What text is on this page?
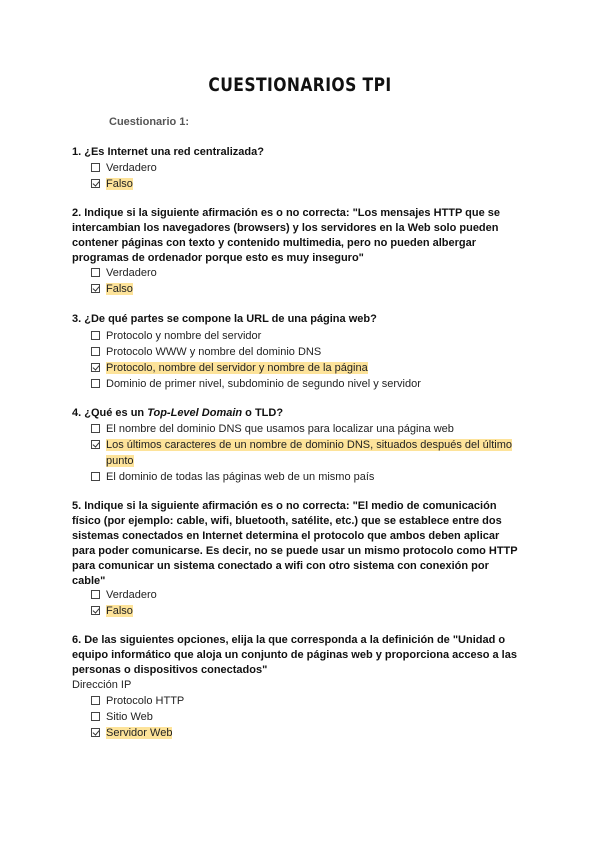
CUESTIONARIOS TPI
Cuestionario 1:
1. ¿Es Internet una red centralizada?
Verdadero
Falso
2. Indique si la siguiente afirmación es o no correcta: "Los mensajes HTTP que se
intercambian los navegadores (browsers) y los servidores en la Web solo pueden
contener páginas con texto y contenido multimedia, pero no pueden albergar
programas de ordenador porque esto es muy inseguro"
Verdadero
Falso
3. ¿De qué partes se compone la URL de una página web?
Protocolo y nombre del servidor
Protocolo WWW y nombre del dominio DNS
Protocolo, nombre del servidor y nombre de la página
Dominio de primer nivel, subdominio de segundo nivel y servidor
4. ¿Qué es un Top-Level Domain o TLD?
El nombre del dominio DNS que usamos para localizar una página web
Los últimos caracteres de un nombre de dominio DNS, situados después del último
punto
El dominio de todas las páginas web de un mismo país
5. Indique si la siguiente afirmación es o no correcta: "El medio de comunicación
físico (por ejemplo: cable, wifi, bluetooth, satélite, etc.) que se establece entre dos
sistemas conectados en Internet determina el protocolo que ambos deben aplicar
para poder comunicarse. Es decir, no se puede usar un mismo protocolo como HTTP
para comunicar un sistema conectado a wifi con otro sistema con conexión por
cable"
Verdadero
Falso
6. De las siguientes opciones, elija la que corresponda a la definición de "Unidad o
equipo informático que aloja un conjunto de páginas web y proporciona acceso a las
personas o dispositivos conectados"
Dirección IP
Protocolo HTTP
Sitio Web
Servidor Web
